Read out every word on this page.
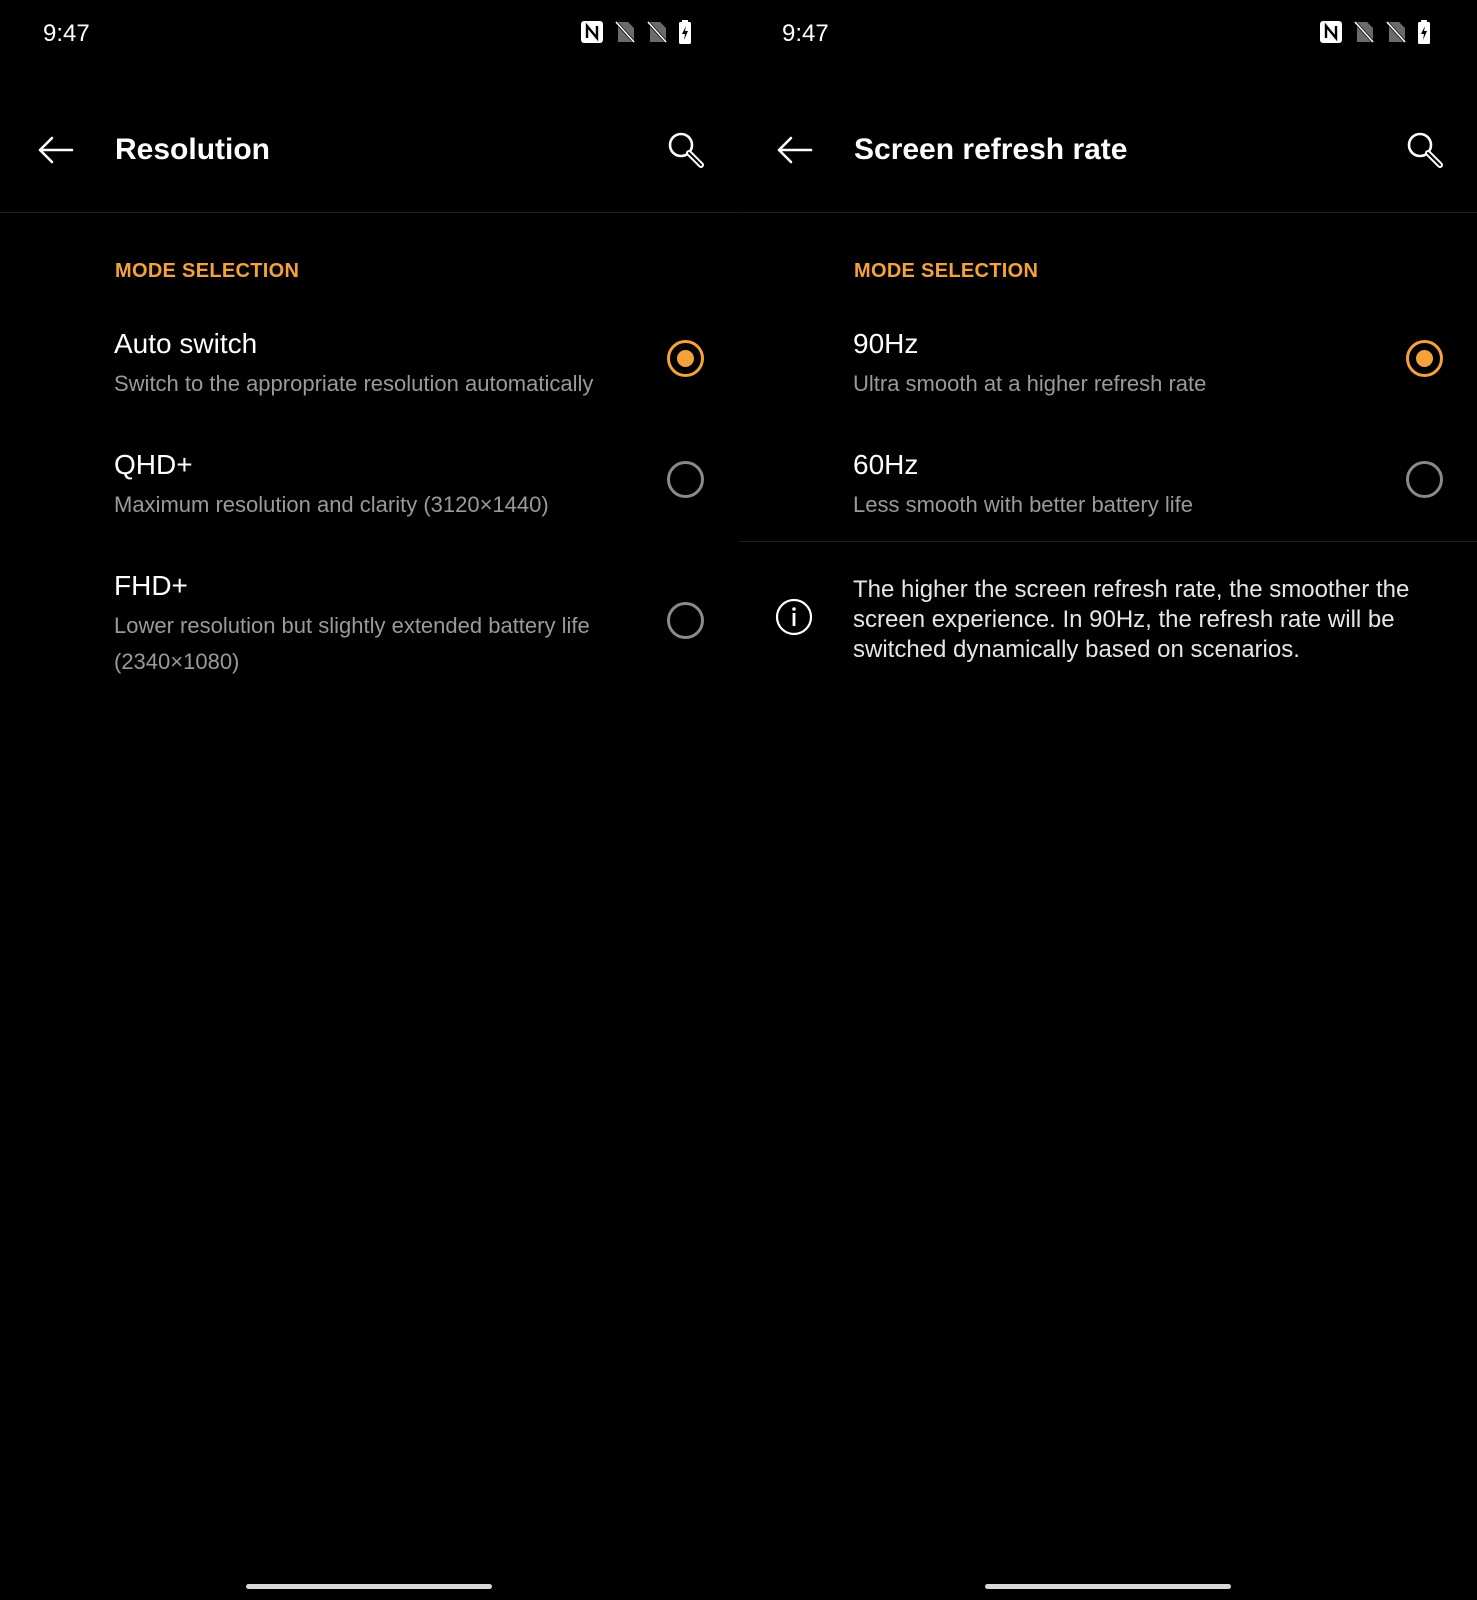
9:47
Resolution
MODE SELECTION
Auto switch
Switch to the appropriate resolution automatically
QHD+
Maximum resolution and clarity (3120×1440)
FHD+
Lower resolution but slightly extended battery life (2340×1080)
9:47
Screen refresh rate
MODE SELECTION
90Hz
Ultra smooth at a higher refresh rate
60Hz
Less smooth with better battery life
The higher the screen refresh rate, the smoother the screen experience. In 90Hz, the refresh rate will be switched dynamically based on scenarios.
